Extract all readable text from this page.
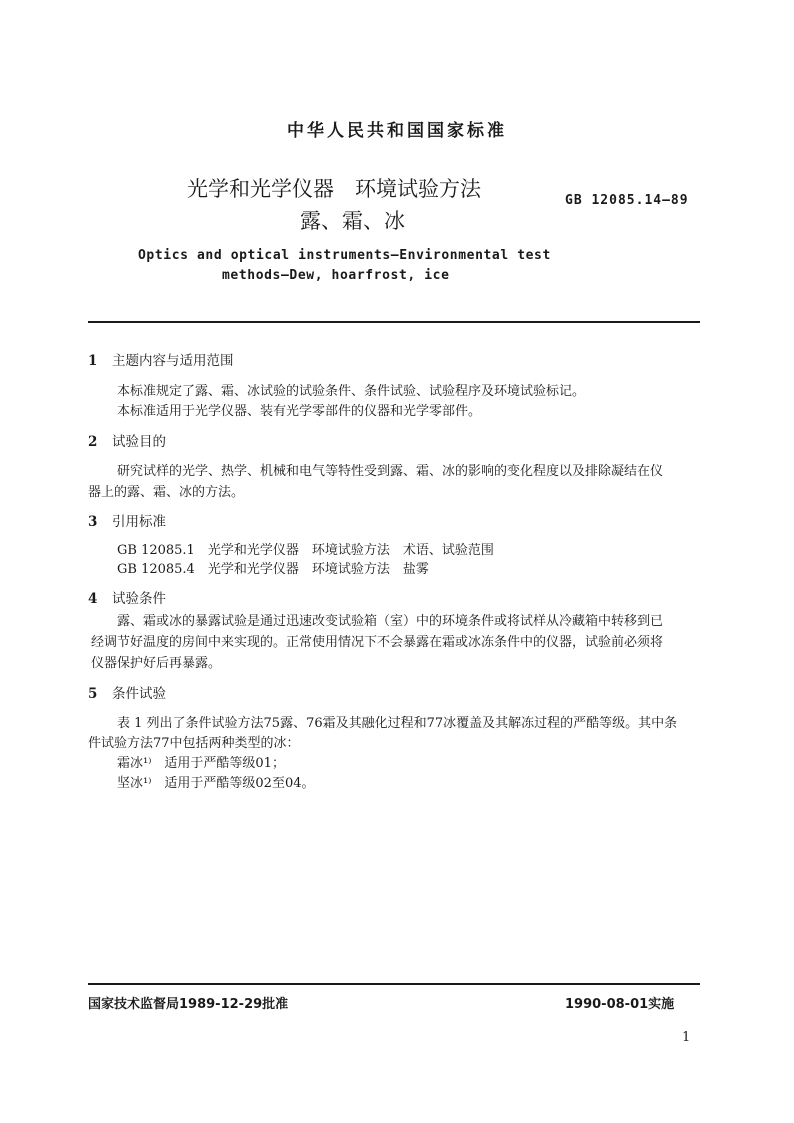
中华人民共和国国家标准
光学和光学仪器　环境试验方法
露、霜、冰
GB 12085.14—89
Optics and optical instruments—Environmental test
methods—Dew, hoarfrost, ice
1 主题内容与适用范围
本标准规定了露、霜、冰试验的试验条件、条件试验、试验程序及环境试验标记。
本标准适用于光学仪器、装有光学零部件的仪器和光学零部件。
2 试验目的
研究试样的光学、热学、机械和电气等特性受到露、霜、冰的影响的变化程度以及排除凝结在仪
器上的露、霜、冰的方法。
3 引用标准
GB 12085.1　光学和光学仪器　环境试验方法　术语、试验范围
GB 12085.4　光学和光学仪器　环境试验方法　盐雾
4 试验条件
露、霜或冰的暴露试验是通过迅速改变试验箱（室）中的环境条件或将试样从冷藏箱中转移到已
经调节好温度的房间中来实现的。正常使用情况下不会暴露在霜或冰冻条件中的仪器，试验前必须将
仪器保护好后再暴露。
5 条件试验
表 1 列出了条件试验方法75露、76霜及其融化过程和77冰覆盖及其解冻过程的严酷等级。其中条
件试验方法77中包括两种类型的冰：
霜冰¹⁾　适用于严酷等级01；
坚冰¹⁾　适用于严酷等级02至04。
国家技术监督局1989-12-29批准	1990-08-01实施
1
